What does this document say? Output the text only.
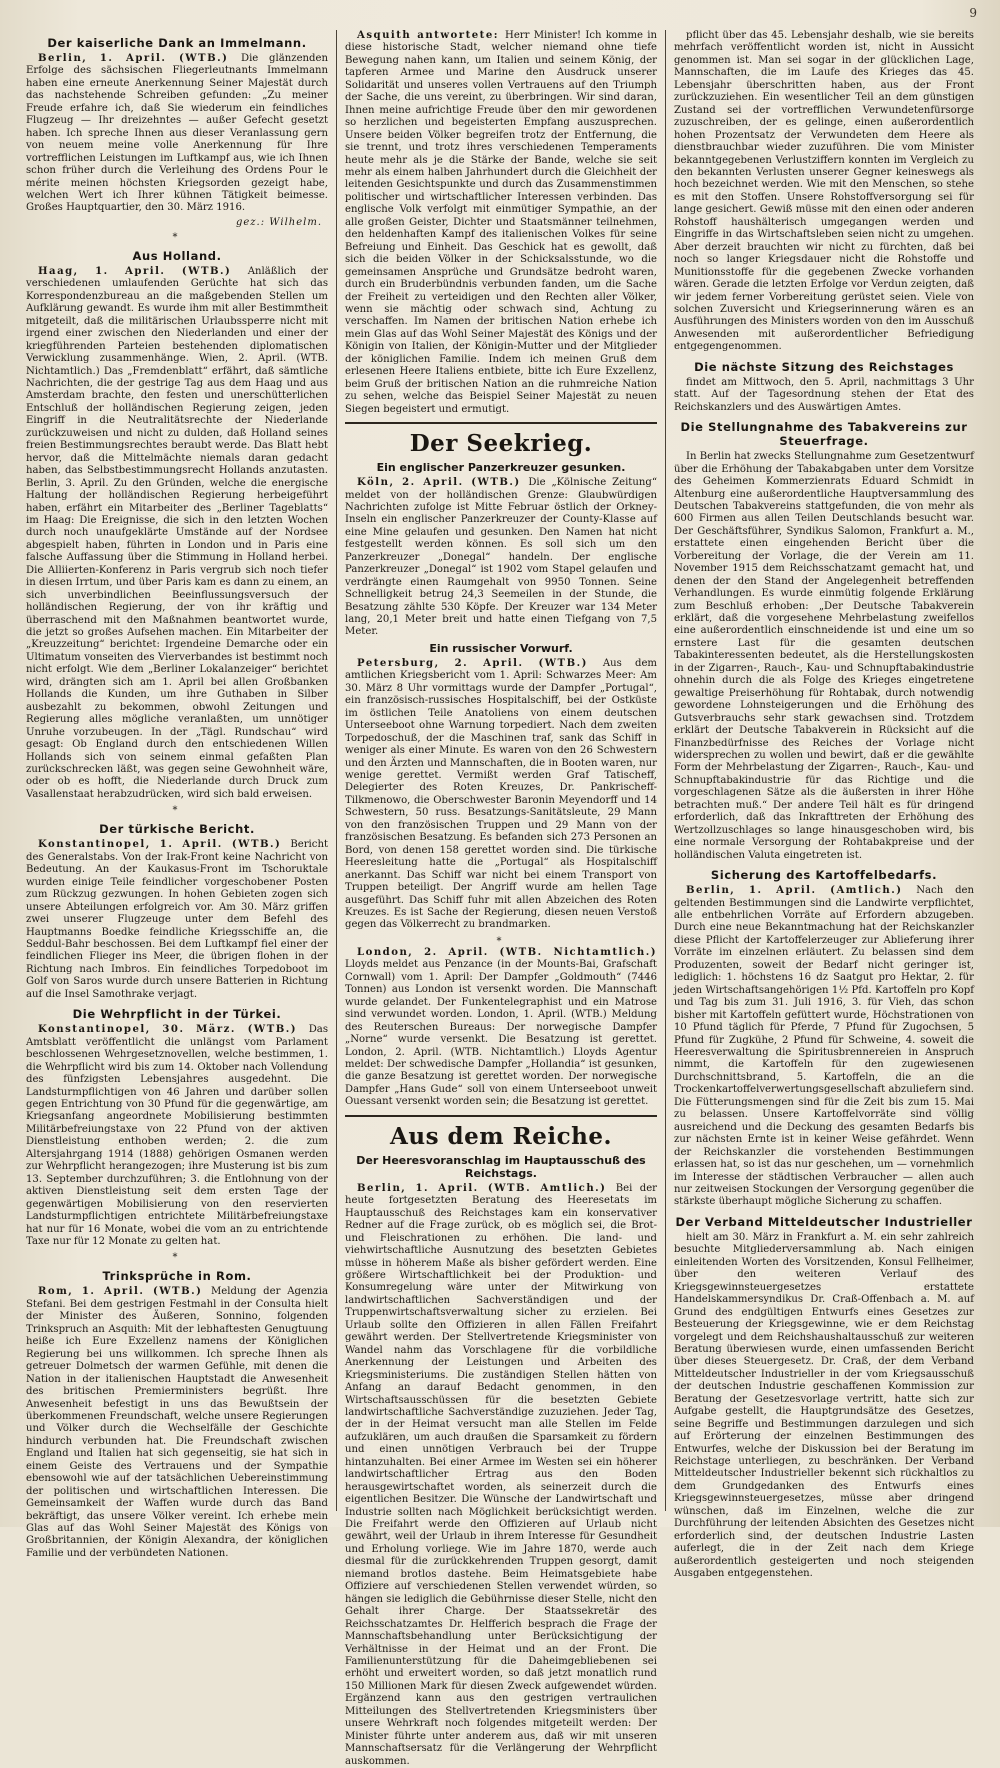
9
Der kaiserliche Dank an Immelmann.

Berlin, 1. April. (WTB.) Die glänzenden Erfolge des sächsischen Fliegerleutnants Immelmann haben eine erneute Anerkennung Seiner Majestät durch das nachstehende Schreiben gefunden: „Zu meiner Freude erfahre ich, daß Sie wiederum ein feindliches Flugzeug — Ihr dreizehntes — außer Gefecht gesetzt haben. Ich spreche Ihnen aus dieser Veranlassung gern von neuem meine volle Anerkennung für Ihre vortrefflichen Leistungen im Luftkampf aus, wie ich Ihnen schon früher durch die Verleihung des Ordens Pour le mérite meinen höchsten Kriegsorden gezeigt habe, welchen Wert ich Ihrer kühnen Tätigkeit beimesse. Großes Hauptquartier, den 30. März 1916.

gez.: Wilhelm.
*
Aus Holland.

Haag, 1. April. (WTB.) Anläßlich der verschiedenen umlaufenden Gerüchte hat sich das Korrespondenzbureau an die maßgebenden Stellen um Aufklärung gewandt. Es wurde ihm mit aller Bestimmtheit mitgeteilt, daß die militärischen Urlaubssperre nicht mit irgend einer zwischen den Niederlanden und einer der kriegführenden Parteien bestehenden diplomatischen Verwicklung zusammenhänge. Wien, 2. April. (WTB. Nichtamtlich.) Das „Fremdenblatt“ erfährt, daß sämtliche Nachrichten, die der gestrige Tag aus dem Haag und aus Amsterdam brachte, den festen und unerschütterlichen Entschluß der holländischen Regierung zeigen, jeden Eingriff in die Neutralitätsrechte der Niederlande zurückzuweisen und nicht zu dulden, daß Holland seines freien Bestimmungsrechtes beraubt werde. Das Blatt hebt hervor, daß die Mittelmächte niemals daran gedacht haben, das Selbstbestimmungsrecht Hollands anzutasten. Berlin, 3. April. Zu den Gründen, welche die energische Haltung der holländischen Regierung herbeigeführt haben, erfährt ein Mitarbeiter des „Berliner Tageblatts“ im Haag: Die Ereignisse, die sich in den letzten Wochen durch noch unaufgeklärte Umstände auf der Nordsee abgespielt haben, führten in London und in Paris eine falsche Auffassung über die Stimmung in Holland herbei. Die Alliierten-Konferenz in Paris vergrub sich noch tiefer in diesen Irrtum, und über Paris kam es dann zu einem, an sich unverbindlichen Beeinflussungsversuch der holländischen Regierung, der von ihr kräftig und überraschend mit den Maßnahmen beantwortet wurde, die jetzt so großes Aufsehen machen. Ein Mitarbeiter der „Kreuzzeitung“ berichtet: Irgendeine Demarche oder ein Ultimatum vonseiten des Vierverbandes ist bestimmt noch nicht erfolgt. Wie dem „Berliner Lokalanzeiger“ berichtet wird, drängten sich am 1. April bei allen Großbanken Hollands die Kunden, um ihre Guthaben in Silber ausbezahlt zu bekommen, obwohl Zeitungen und Regierung alles mögliche veranlaßten, um unnötiger Unruhe vorzubeugen. In der „Tägl. Rundschau“ wird gesagt: Ob England durch den entschiedenen Willen Hollands sich von seinem einmal gefaßten Plan zurückschrecken läßt, was gegen seine Gewohnheit wäre, oder ob es hofft, die Niederlande durch Druck zum Vasallenstaat herabzudrücken, wird sich bald erweisen.

*
Der türkische Bericht.

Konstantinopel, 1. April. (WTB.) Bericht des Generalstabs. Von der Irak-Front keine Nachricht von Bedeutung. An der Kaukasus-Front im Tschoruktale wurden einige Teile feindlicher vorgeschobener Posten zum Rückzug gezwungen. In hohen Gebieten zogen sich unsere Abteilungen erfolgreich vor. Am 30. März griffen zwei unserer Flugzeuge unter dem Befehl des Hauptmanns Boedke feindliche Kriegsschiffe an, die Seddul-Bahr beschossen. Bei dem Luftkampf fiel einer der feindlichen Flieger ins Meer, die übrigen flohen in der Richtung nach Imbros. Ein feindliches Torpedoboot im Golf von Saros wurde durch unsere Batterien in Richtung auf die Insel Samothrake verjagt.

Die Wehrpflicht in der Türkei.

Konstantinopel, 30. März. (WTB.) Das Amtsblatt veröffentlicht die unlängst vom Parlament beschlossenen Wehrgesetznovellen, welche bestimmen, 1. die Wehrpflicht wird bis zum 14. Oktober nach Vollendung des fünfzigsten Lebensjahres ausgedehnt. Die Landsturmpflichtigen von 46 Jahren und darüber sollen gegen Entrichtung von 30 Pfund für die gegenwärtige, am Kriegsanfang angeordnete Mobilisierung bestimmten Militärbefreiungstaxe von 22 Pfund von der aktiven Dienstleistung enthoben werden; 2. die zum Altersjahrgang 1914 (1888) gehörigen Osmanen werden zur Wehrpflicht herangezogen; ihre Musterung ist bis zum 13. September durchzuführen; 3. die Entlohnung von der aktiven Dienstleistung seit dem ersten Tage der gegenwärtigen Mobilisierung von den reservierten Landsturmpflichtigen entrichtete Militärbefreiungstaxe hat nur für 16 Monate, wobei die vom an zu entrichtende Taxe nur für 12 Monate zu gelten hat.

*
Trinksprüche in Rom.

Rom, 1. April. (WTB.) Meldung der Agenzia Stefani. Bei dem gestrigen Festmahl in der Consulta hielt der Minister des Äußeren, Sonnino, folgenden Trinkspruch an Asquith: Mit der lebhaftesten Genugtuung heiße ich Eure Exzellenz namens der Königlichen Regierung bei uns willkommen. Ich spreche Ihnen als getreuer Dolmetsch der warmen Gefühle, mit denen die Nation in der italienischen Hauptstadt die Anwesenheit des britischen Premierministers begrüßt. Ihre Anwesenheit befestigt in uns das Bewußtsein der überkommenen Freundschaft, welche unsere Regierungen und Völker durch die Wechselfälle der Geschichte hindurch verbunden hat. Die Freundschaft zwischen England und Italien hat sich gegenseitig, sie hat sich in einem Geiste des Vertrauens und der Sympathie ebensowohl wie auf der tatsächlichen Uebereinstimmung der politischen und wirtschaftlichen Interessen. Die Gemeinsamkeit der Waffen wurde durch das Band bekräftigt, das unsere Völker vereint. Ich erhebe mein Glas auf das Wohl Seiner Majestät des Königs von Großbritannien, der Königin Alexandra, der königlichen Familie und der verbündeten Nationen.

Asquith antwortete: Herr Minister! Ich komme in diese historische Stadt, welcher niemand ohne tiefe Bewegung nahen kann, um Italien und seinem König, der tapferen Armee und Marine den Ausdruck unserer Solidarität und unseres vollen Vertrauens auf den Triumph der Sache, die uns vereint, zu überbringen. Wir sind daran, Ihnen meine aufrichtige Freude über den mir gewordenen so herzlichen und begeisterten Empfang auszusprechen. Unsere beiden Völker begreifen trotz der Entfernung, die sie trennt, und trotz ihres verschiedenen Temperaments heute mehr als je die Stärke der Bande, welche sie seit mehr als einem halben Jahrhundert durch die Gleichheit der leitenden Gesichtspunkte und durch das Zusammenstimmen politischer und wirtschaftlicher Interessen verbinden. Das englische Volk verfolgt mit einmütiger Sympathie, an der alle großen Geister, Dichter und Staatsmänner teilnehmen, den heldenhaften Kampf des italienischen Volkes für seine Befreiung und Einheit. Das Geschick hat es gewollt, daß sich die beiden Völker in der Schicksalsstunde, wo die gemeinsamen Ansprüche und Grundsätze bedroht waren, durch ein Bruderbündnis verbunden fanden, um die Sache der Freiheit zu verteidigen und den Rechten aller Völker, wenn sie mächtig oder schwach sind, Achtung zu verschaffen. Im Namen der britischen Nation erhebe ich mein Glas auf das Wohl Seiner Majestät des Königs und der Königin von Italien, der Königin-Mutter und der Mitglieder der königlichen Familie. Indem ich meinen Gruß dem erlesenen Heere Italiens entbiete, bitte ich Eure Exzellenz, beim Gruß der britischen Nation an die ruhmreiche Nation zu sehen, welche das Beispiel Seiner Majestät zu neuen Siegen begeistert und ermutigt.

Der Seekrieg.
Ein englischer Panzerkreuzer gesunken.

Köln, 2. April. (WTB.) Die „Kölnische Zeitung“ meldet von der holländischen Grenze: Glaubwürdigen Nachrichten zufolge ist Mitte Februar östlich der Orkney-Inseln ein englischer Panzerkreuzer der County-Klasse auf eine Mine gelaufen und gesunken. Den Namen hat nicht festgestellt werden können. Es soll sich um den Panzerkreuzer „Donegal“ handeln. Der englische Panzerkreuzer „Donegal“ ist 1902 vom Stapel gelaufen und verdrängte einen Raumgehalt von 9950 Tonnen. Seine Schnelligkeit betrug 24,3 Seemeilen in der Stunde, die Besatzung zählte 530 Köpfe. Der Kreuzer war 134 Meter lang, 20,1 Meter breit und hatte einen Tiefgang von 7,5 Meter.

Ein russischer Vorwurf.

Petersburg, 2. April. (WTB.) Aus dem amtlichen Kriegsbericht vom 1. April: Schwarzes Meer: Am 30. März 8 Uhr vormittags wurde der Dampfer „Portugal“, ein französisch-russisches Hospitalschiff, bei der Ostküste im östlichen Teile Anatoliens von einem deutschen Unterseeboot ohne Warnung torpediert. Nach dem zweiten Torpedoschuß, der die Maschinen traf, sank das Schiff in weniger als einer Minute. Es waren von den 26 Schwestern und den Ärzten und Mannschaften, die in Booten waren, nur wenige gerettet. Vermißt werden Graf Tatischeff, Delegierter des Roten Kreuzes, Dr. Pankrischeff-Tilkmenowo, die Oberschwester Baronin Meyendorff und 14 Schwestern, 50 russ. Besatzungs-Sanitätsleute, 29 Mann von den französischen Truppen und 29 Mann von der französischen Besatzung. Es befanden sich 273 Personen an Bord, von denen 158 gerettet worden sind. Die türkische Heeresleitung hatte die „Portugal“ als Hospitalschiff anerkannt. Das Schiff war nicht bei einem Transport von Truppen beteiligt. Der Angriff wurde am hellen Tage ausgeführt. Das Schiff fuhr mit allen Abzeichen des Roten Kreuzes. Es ist Sache der Regierung, diesen neuen Verstoß gegen das Völkerrecht zu brandmarken.

*

London, 2. April. (WTB. Nichtamtlich.) Lloyds meldet aus Penzance (in der Mounts-Bai, Grafschaft Cornwall) vom 1. April: Der Dampfer „Goldmouth“ (7446 Tonnen) aus London ist versenkt worden. Die Mannschaft wurde gelandet. Der Funkentelegraphist und ein Matrose sind verwundet worden. London, 1. April. (WTB.) Meldung des Reuterschen Bureaus: Der norwegische Dampfer „Norne“ wurde versenkt. Die Besatzung ist gerettet. London, 2. April. (WTB. Nichtamtlich.) Lloyds Agentur meldet: Der schwedische Dampfer „Hollandia“ ist gesunken, die ganze Besatzung ist gerettet worden. Der norwegische Dampfer „Hans Gude“ soll von einem Unterseeboot unweit Ouessant versenkt worden sein; die Besatzung ist gerettet.

Aus dem Reiche.
Der Heeresvoranschlag im Hauptausschuß des Reichstags.

Berlin, 1. April. (WTB. Amtlich.) Bei der heute fortgesetzten Beratung des Heeresetats im Hauptausschuß des Reichstages kam ein konservativer Redner auf die Frage zurück, ob es möglich sei, die Brot- und Fleischrationen zu erhöhen. Die land- und viehwirtschaftliche Ausnutzung des besetzten Gebietes müsse in höherem Maße als bisher gefördert werden. Eine größere Wirtschaftlichkeit bei der Produktion- und Konsumregelung wäre unter der Mitwirkung von landwirtschaftlichen Sachverständigen und der Truppenwirtschaftsverwaltung sicher zu erzielen. Bei Urlaub sollte den Offizieren in allen Fällen Freifahrt gewährt werden. Der Stellvertretende Kriegsminister von Wandel nahm das Vorschlagene für die vorbildliche Anerkennung der Leistungen und Arbeiten des Kriegsministeriums. Die zuständigen Stellen hätten von Anfang an darauf Bedacht genommen, in den Wirtschaftsausschüssen für die besetzten Gebiete landwirtschaftliche Sachverständige zuzuziehen. Jeder Tag, der in der Heimat versucht man alle Stellen im Felde aufzuklären, um auch draußen die Sparsamkeit zu fördern und einen unnötigen Verbrauch bei der Truppe hintanzuhalten. Bei einer Armee im Westen sei ein höherer landwirtschaftlicher Ertrag aus den Boden herausgewirtschaftet worden, als seinerzeit durch die eigentlichen Besitzer. Die Wünsche der Landwirtschaft und Industrie sollten nach Möglichkeit berücksichtigt werden. Die Freifahrt werde den Offizieren auf Urlaub nicht gewährt, weil der Urlaub in ihrem Interesse für Gesundheit und Erholung vorliege. Wie im Jahre 1870, werde auch diesmal für die zurückkehrenden Truppen gesorgt, damit niemand brotlos dastehe. Beim Heimatsgebiete habe Offiziere auf verschiedenen Stellen verwendet würden, so hängen sie lediglich die Gebührnisse dieser Stelle, nicht den Gehalt ihrer Charge. Der Staatssekretär des Reichsschatzamtes Dr. Helfferich besprach die Frage der Mannschaftsbehandlung unter Berücksichtigung der Verhältnisse in der Heimat und an der Front. Die Familienunterstützung für die Daheimgebliebenen sei erhöht und erweitert worden, so daß jetzt monatlich rund 150 Millionen Mark für diesen Zweck aufgewendet würden. Ergänzend kann aus den gestrigen vertraulichen Mitteilungen des Stellvertretenden Kriegsministers über unsere Wehrkraft noch folgendes mitgeteilt werden: Der Minister führte unter anderem aus, daß wir mit unseren Mannschaftsersatz für die Verlängerung der Wehrpflicht auskommen.

pflicht über das 45. Lebensjahr deshalb, wie sie bereits mehrfach veröffentlicht worden ist, nicht in Aussicht genommen ist. Man sei sogar in der glücklichen Lage, Mannschaften, die im Laufe des Krieges das 45. Lebensjahr überschritten haben, aus der Front zurückzuziehen. Ein wesentlicher Teil an dem günstigen Zustand sei der vortrefflichen Verwundetenfürsorge zuzuschreiben, der es gelinge, einen außerordentlich hohen Prozentsatz der Verwundeten dem Heere als dienstbrauchbar wieder zuzuführen. Die vom Minister bekanntgegebenen Verlustziffern konnten im Vergleich zu den bekannten Verlusten unserer Gegner keineswegs als hoch bezeichnet werden. Wie mit den Menschen, so stehe es mit den Stoffen. Unsere Rohstoffversorgung sei für lange gesichert. Gewiß müsse mit den einen oder anderen Rohstoff haushälterisch umgegangen werden und Eingriffe in das Wirtschaftsleben seien nicht zu umgehen. Aber derzeit brauchten wir nicht zu fürchten, daß bei noch so langer Kriegsdauer nicht die Rohstoffe und Munitionsstoffe für die gegebenen Zwecke vorhanden wären. Gerade die letzten Erfolge vor Verdun zeigten, daß wir jedem ferner Vorbereitung gerüstet seien. Viele von solchen Zuversicht und Kriegserinnerung wären es an Ausführungen des Ministers worden von den im Ausschuß Anwesenden mit außerordentlicher Befriedigung entgegengenommen.

Die nächste Sitzung des Reichstages

findet am Mittwoch, den 5. April, nachmittags 3 Uhr statt. Auf der Tagesordnung stehen der Etat des Reichskanzlers und des Auswärtigen Amtes.

Die Stellungnahme des Tabakvereins zur Steuerfrage.

In Berlin hat zwecks Stellungnahme zum Gesetzentwurf über die Erhöhung der Tabakabgaben unter dem Vorsitze des Geheimen Kommerzienrats Eduard Schmidt in Altenburg eine außerordentliche Hauptversammlung des Deutschen Tabakvereins stattgefunden, die von mehr als 600 Firmen aus allen Teilen Deutschlands besucht war. Der Geschäftsführer, Syndikus Salomon, Frankfurt a. M., erstattete einen eingehenden Bericht über die Vorbereitung der Vorlage, die der Verein am 11. November 1915 dem Reichsschatzamt gemacht hat, und denen der den Stand der Angelegenheit betreffenden Verhandlungen. Es wurde einmütig folgende Erklärung zum Beschluß erhoben: „Der Deutsche Tabakverein erklärt, daß die vorgesehene Mehrbelastung zweifellos eine außerordentlich einschneidende ist und eine um so ernstere Last für die gesamten deutschen Tabakinteressenten bedeutet, als die Herstellungskosten in der Zigarren-, Rauch-, Kau- und Schnupftabakindustrie ohnehin durch die als Folge des Krieges eingetretene gewaltige Preiserhöhung für Rohtabak, durch notwendig gewordene Lohnsteigerungen und die Erhöhung des Gutsverbrauchs sehr stark gewachsen sind. Trotzdem erklärt der Deutsche Tabakverein in Rücksicht auf die Finanzbedürfnisse des Reiches der Vorlage nicht widersprechen zu wollen und bewirt, daß er die gewählte Form der Mehrbelastung der Zigarren-, Rauch-, Kau- und Schnupftabakindustrie für das Richtige und die vorgeschlagenen Sätze als die äußersten in ihrer Höhe betrachten muß.“ Der andere Teil hält es für dringend erforderlich, daß das Inkrafttreten der Erhöhung des Wertzollzuschlages so lange hinausgeschoben wird, bis eine normale Versorgung der Rohtabakpreise und der holländischen Valuta eingetreten ist.

Sicherung des Kartoffelbedarfs.

Berlin, 1. April. (Amtlich.) Nach den geltenden Bestimmungen sind die Landwirte verpflichtet, alle entbehrlichen Vorräte auf Erfordern abzugeben. Durch eine neue Bekanntmachung hat der Reichskanzler diese Pflicht der Kartoffelerzeuger zur Ablieferung ihrer Vorräte im einzelnen erläutert. Zu belassen sind dem Produzenten, soweit der Bedarf nicht geringer ist, lediglich: 1. höchstens 16 dz Saatgut pro Hektar, 2. für jeden Wirtschaftsangehörigen 1½ Pfd. Kartoffeln pro Kopf und Tag bis zum 31. Juli 1916, 3. für Vieh, das schon bisher mit Kartoffeln gefüttert wurde, Höchstrationen von 10 Pfund täglich für Pferde, 7 Pfund für Zugochsen, 5 Pfund für Zugkühe, 2 Pfund für Schweine, 4. soweit die Heeresverwaltung die Spiritusbrennereien in Anspruch nimmt, die Kartoffeln für den zugewiesenen Durchschnittsbrand, 5. Kartoffeln, die an die Trockenkartoffelverwertungsgesellschaft abzuliefern sind. Die Fütterungsmengen sind für die Zeit bis zum 15. Mai zu belassen. Unsere Kartoffelvorräte sind völlig ausreichend und die Deckung des gesamten Bedarfs bis zur nächsten Ernte ist in keiner Weise gefährdet. Wenn der Reichskanzler die vorstehenden Bestimmungen erlassen hat, so ist das nur geschehen, um — vornehmlich im Interesse der städtischen Verbraucher — allen auch nur zeitweisen Stockungen der Versorgung gegenüber die stärkste überhaupt mögliche Sicherung zu schaffen.

Der Verband Mitteldeutscher Industrieller

hielt am 30. März in Frankfurt a. M. ein sehr zahlreich besuchte Mitgliederversammlung ab. Nach einigen einleitenden Worten des Vorsitzenden, Konsul Fellheimer, über den weiteren Verlauf des Kriegsgewinnsteuergesetzes erstattete Handelskammersyndikus Dr. Craß-Offenbach a. M. auf Grund des endgültigen Entwurfs eines Gesetzes zur Besteuerung der Kriegsgewinne, wie er dem Reichstag vorgelegt und dem Reichshaushaltausschuß zur weiteren Beratung überwiesen wurde, einen umfassenden Bericht über dieses Steuergesetz. Dr. Craß, der dem Verband Mitteldeutscher Industrieller in der vom Kriegsausschuß der deutschen Industrie geschaffenen Kommission zur Beratung der Gesetzesvorlage vertritt, hatte sich zur Aufgabe gestellt, die Hauptgrundsätze des Gesetzes, seine Begriffe und Bestimmungen darzulegen und sich auf Erörterung der einzelnen Bestimmungen des Entwurfes, welche der Diskussion bei der Beratung im Reichstage unterliegen, zu beschränken. Der Verband Mitteldeutscher Industrieller bekennt sich rückhaltlos zu dem Grundgedanken des Entwurfs eines Kriegsgewinnsteuergesetzes, müsse aber dringend wünschen, daß im Einzelnen, welche die zur Durchführung der leitenden Absichten des Gesetzes nicht erforderlich sind, der deutschen Industrie Lasten auferlegt, die in der Zeit nach dem Kriege außerordentlich gesteigerten und noch steigenden Ausgaben entgegenstehen.
